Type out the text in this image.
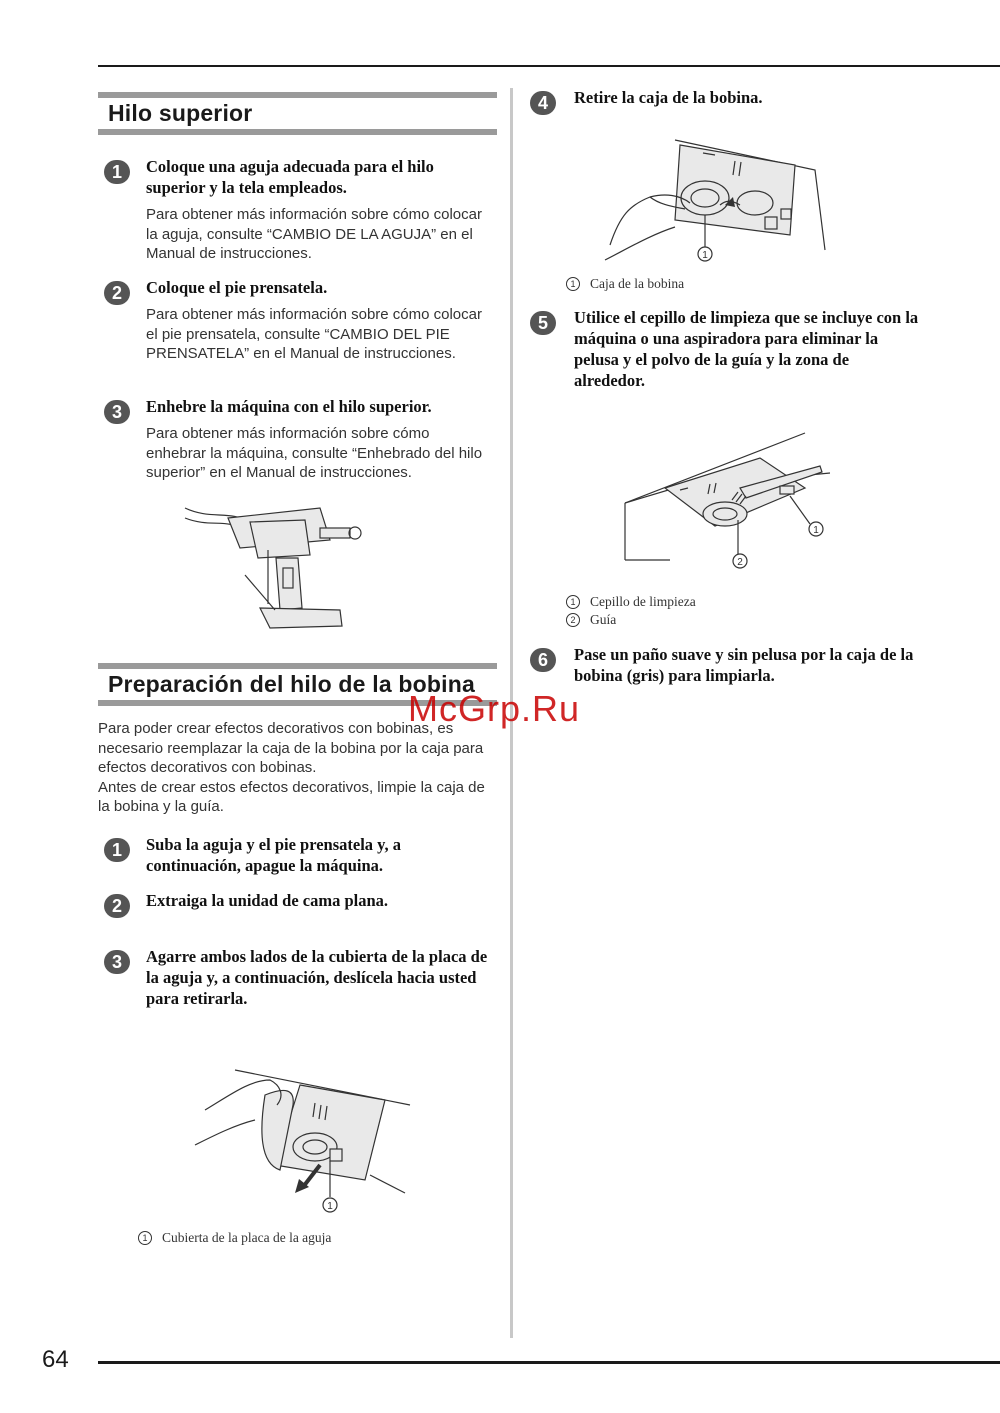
64
Hilo superior
1	Coloque una aguja adecuada para el hilo superior y la tela empleados.
Para obtener más información sobre cómo colocar la aguja, consulte “CAMBIO DE LA AGUJA” en el Manual de instrucciones.
2	Coloque el pie prensatela.
Para obtener más información sobre cómo colocar el pie prensatela, consulte “CAMBIO DEL PIE PRENSATELA” en el Manual de instrucciones.
3	Enhebre la máquina con el hilo superior.
Para obtener más información sobre cómo enhebrar la máquina, consulte “Enhebrado del hilo superior” en el Manual de instrucciones.
Preparación del hilo de la bobina
Para poder crear efectos decorativos con bobinas, es necesario reemplazar la caja de la bobina por la caja para efectos decorativos con bobinas.
Antes de crear estos efectos decorativos, limpie la caja de la bobina y la guía.
1	Suba la aguja y el pie prensatela y, a continuación, apague la máquina.
2	Extraiga la unidad de cama plana.
3	Agarre ambos lados de la cubierta de la placa de la aguja y, a continuación, deslícela hacia usted para retirarla.
1
1 Cubierta de la placa de la aguja
4	Retire la caja de la bobina.
1
1 Caja de la bobina
5	Utilice el cepillo de limpieza que se incluye con la máquina o una aspiradora para eliminar la pelusa y el polvo de la guía y la zona de alrededor.
1
2
1 Cepillo de limpieza
2 Guía
6	Pase un paño suave y sin pelusa por la caja de la bobina (gris) para limpiarla.
McGrp.Ru
